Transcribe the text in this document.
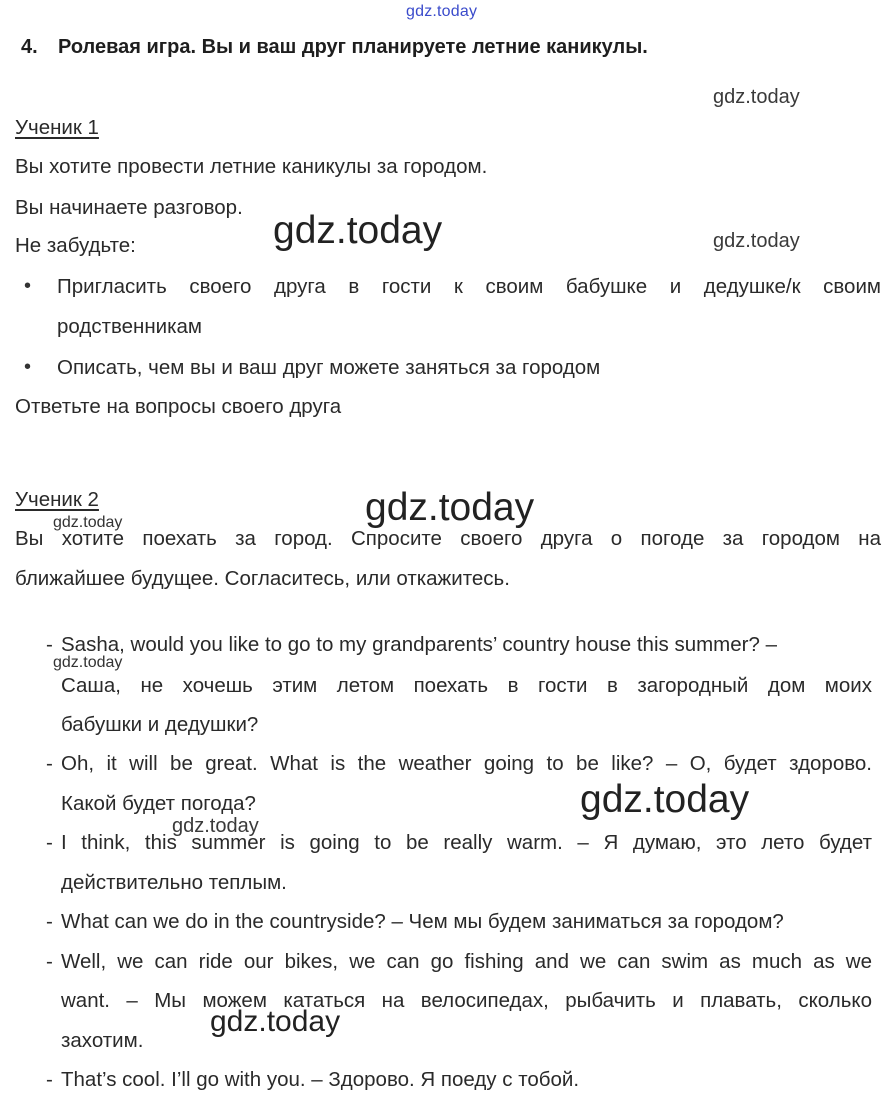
gdz.today
4. Ролевая игра. Вы и ваш друг планируете летние каникулы.
gdz.today
Ученик 1
Вы хотите провести летние каникулы за городом.
Вы начинаете разговор.
Не забудьте:	gdz.today	gdz.today
• Пригласить своего друга в гости к своим бабушке и дедушке/к своим
родственникам
• Описать, чем вы и ваш друг можете заняться за городом
Ответьте на вопросы своего друга
Ученик 2	gdz.today
gdz.today
Вы хотите поехать за город. Спросите своего друга о погоде за городом на
ближайшее будущее. Согласитесь, или откажитесь.
- Sasha, would you like to go to my grandparents’ country house this summer? –
gdz.today
Саша, не хочешь этим летом поехать в гости в загородный дом моих
бабушки и дедушки?
- Oh, it will be great. What is the weather going to be like? – О, будет здорово.
Какой будет погода?	gdz.today
gdz.today
- I think, this summer is going to be really warm. – Я думаю, это лето будет
действительно теплым.
- What can we do in the countryside? – Чем мы будем заниматься за городом?
- Well, we can ride our bikes, we can go fishing and we can swim as much as we
want. – Мы можем кататься на велосипедах, рыбачить и плавать, сколько
gdz.today
захотим.
- That’s cool. I’ll go with you. – Здорово. Я поеду с тобой.
